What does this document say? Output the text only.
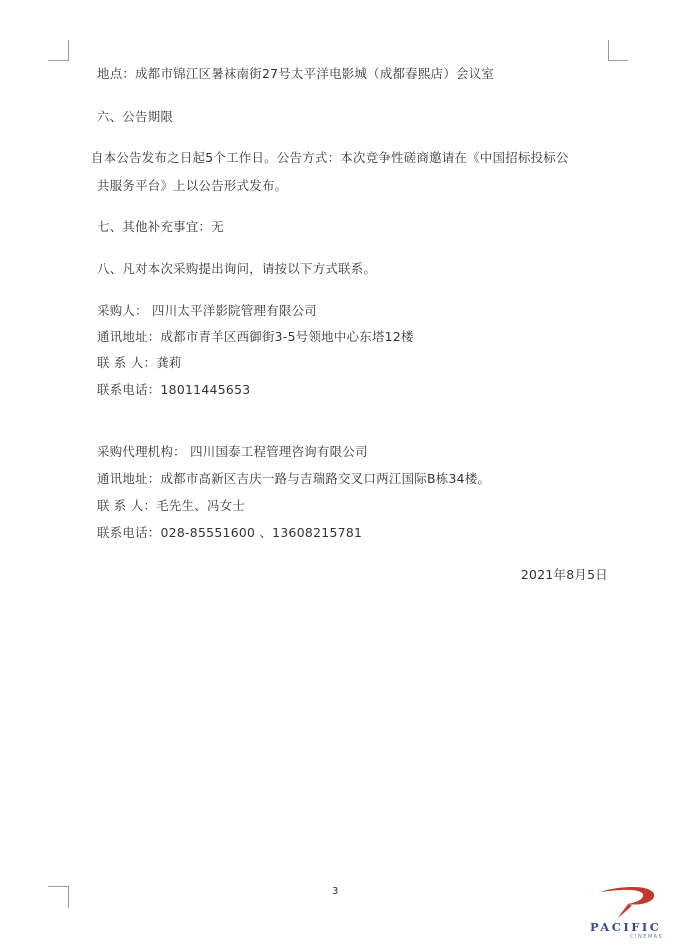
地点：成都市锦江区暑袜南街27号太平洋电影城（成都春熙店）会议室
六、公告期限
自本公告发布之日起5个工作日。公告方式：本次竞争性磋商邀请在《中国招标投标公
共服务平台》上以公告形式发布。
七、其他补充事宜：无
八、凡对本次采购提出询问，请按以下方式联系。
采购人： 四川太平洋影院管理有限公司
通讯地址：成都市青羊区西御街3-5号领地中心东塔12楼
联 系 人：龚莉
联系电话：18011445653
采购代理机构： 四川国泰工程管理咨询有限公司
通讯地址：成都市高新区吉庆一路与吉瑞路交叉口两江国际B栋34楼。
联 系 人：毛先生、冯女士
联系电话：028-85551600 、13608215781
2021年8月5日
3
PACIFIC
CINEMAS
